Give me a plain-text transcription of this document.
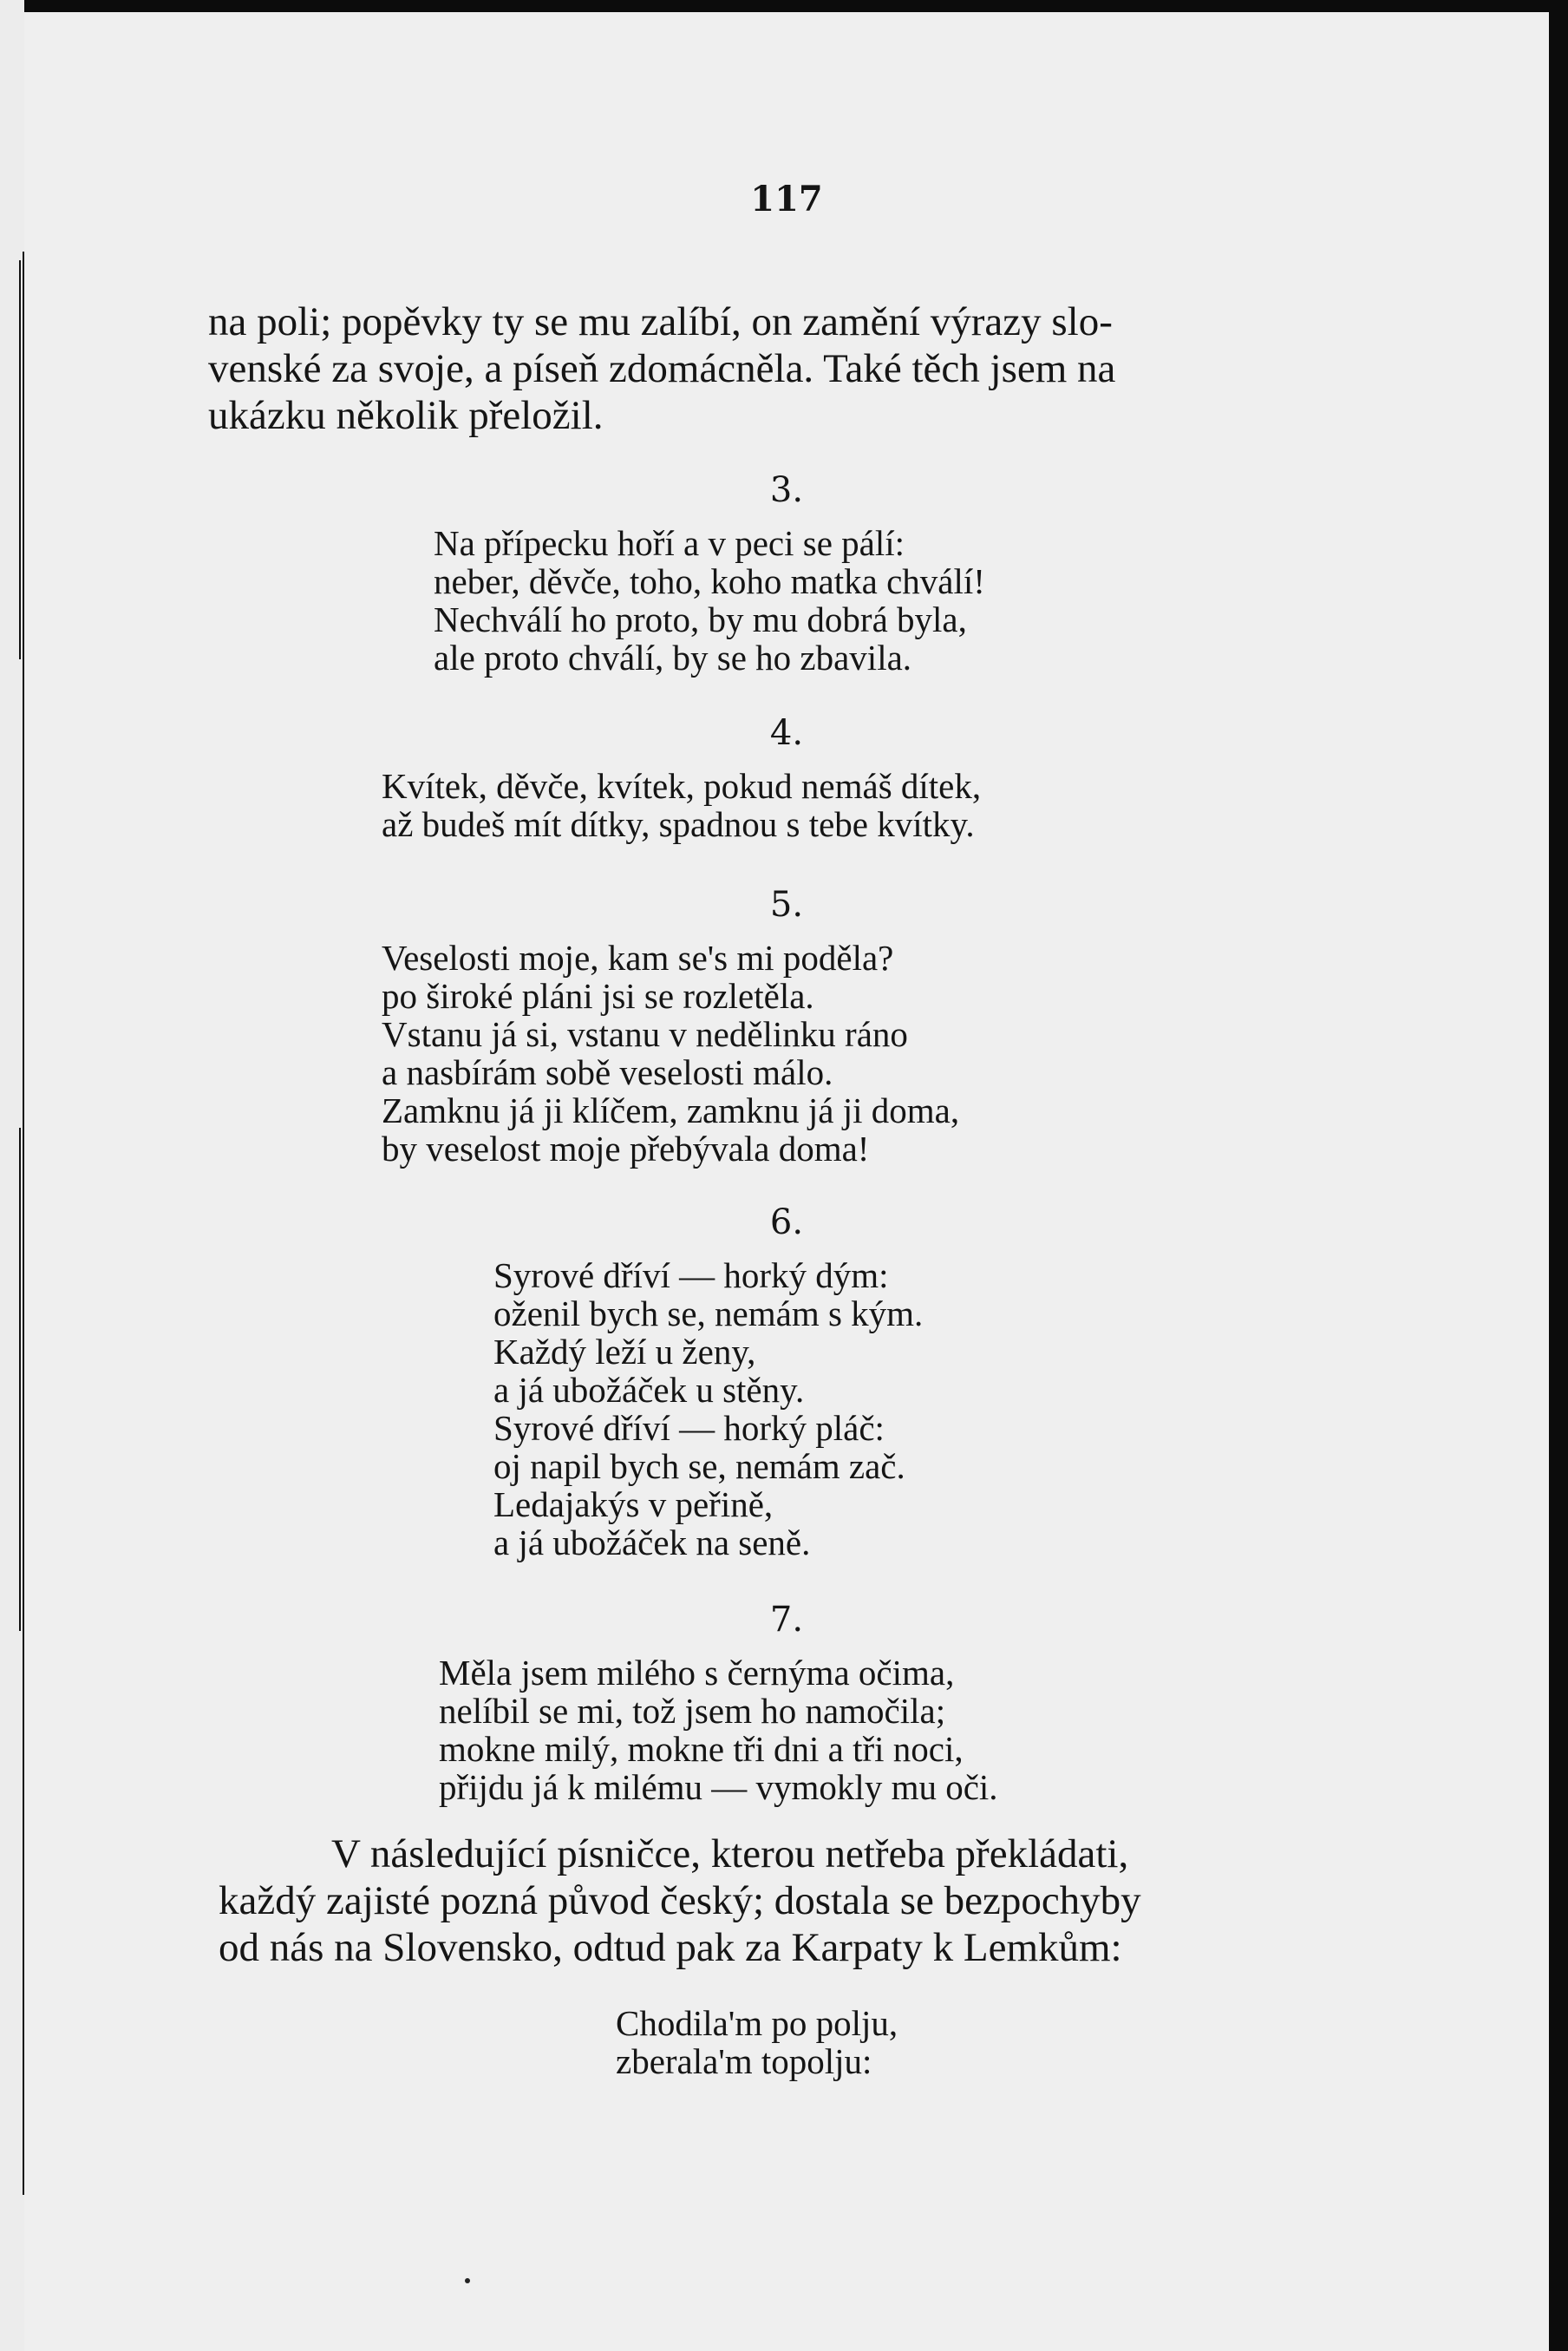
117
na poli; popěvky ty se mu zalíbí, on zamění výrazy slo-
venské za svoje, a píseň zdomácněla. Také těch jsem na
ukázku několik přeložil.
3.
Na přípecku hoří a v peci se pálí:
neber, děvče, toho, koho matka chválí!
Nechválí ho proto, by mu dobrá byla,
ale proto chválí, by se ho zbavila.
4.
Kvítek, děvče, kvítek, pokud nemáš dítek,
až budeš mít dítky, spadnou s tebe kvítky.
5.
Veselosti moje, kam se's mi poděla?
po široké pláni jsi se rozletěla.
Vstanu já si, vstanu v nedělinku ráno
a nasbírám sobě veselosti málo.
Zamknu já ji klíčem, zamknu já ji doma,
by veselost moje přebývala doma!
6.
Syrové dříví — horký dým:
oženil bych se, nemám s kým.
Každý leží u ženy,
a já ubožáček u stěny.
Syrové dříví — horký pláč:
oj napil bych se, nemám zač.
Ledajakýs v peřině,
a já ubožáček na seně.
7.
Měla jsem milého s černýma očima,
nelíbil se mi, tož jsem ho namočila;
mokne milý, mokne tři dni a tři noci,
přijdu já k milému — vymokly mu oči.
V následující písničce, kterou netřeba překládati,
každý zajisté pozná původ český; dostala se bezpochyby
od nás na Slovensko, odtud pak za Karpaty k Lemkům:
Chodila'm po polju,
zberala'm topolju:
